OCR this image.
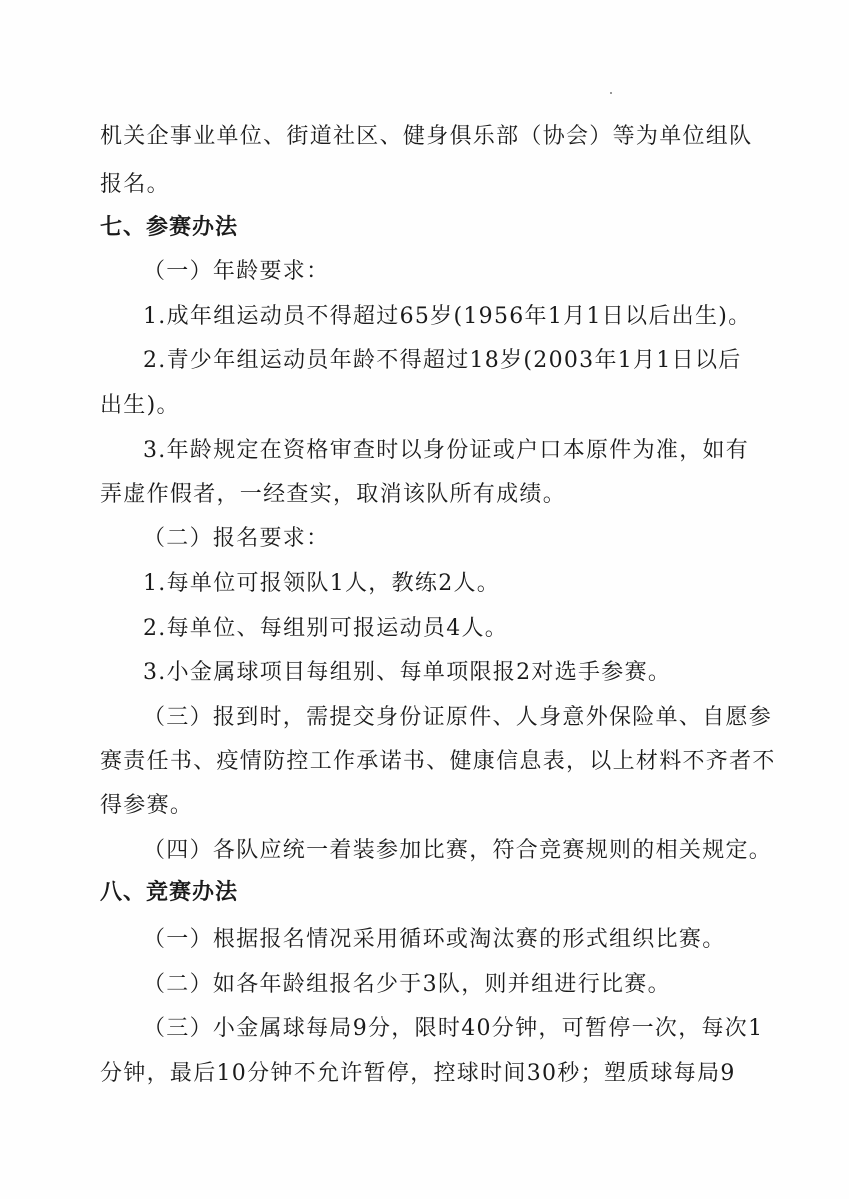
机关企事业单位、街道社区、健身俱乐部（协会）等为单位组队
报名。
七、参赛办法
（一）年龄要求：
1.成年组运动员不得超过65岁(1956年1月1日以后出生)。
2.青少年组运动员年龄不得超过18岁(2003年1月1日以后
出生)。
3.年龄规定在资格审查时以身份证或户口本原件为准，如有
弄虚作假者，一经查实，取消该队所有成绩。
（二）报名要求：
1.每单位可报领队1人，教练2人。
2.每单位、每组别可报运动员4人。
3.小金属球项目每组别、每单项限报2对选手参赛。
（三）报到时，需提交身份证原件、人身意外保险单、自愿参
赛责任书、疫情防控工作承诺书、健康信息表，以上材料不齐者不
得参赛。
（四）各队应统一着装参加比赛，符合竞赛规则的相关规定。
八、竞赛办法
（一）根据报名情况采用循环或淘汰赛的形式组织比赛。
（二）如各年龄组报名少于3队，则并组进行比赛。
（三）小金属球每局9分，限时40分钟，可暂停一次，每次1
分钟，最后10分钟不允许暂停，控球时间30秒；塑质球每局9
